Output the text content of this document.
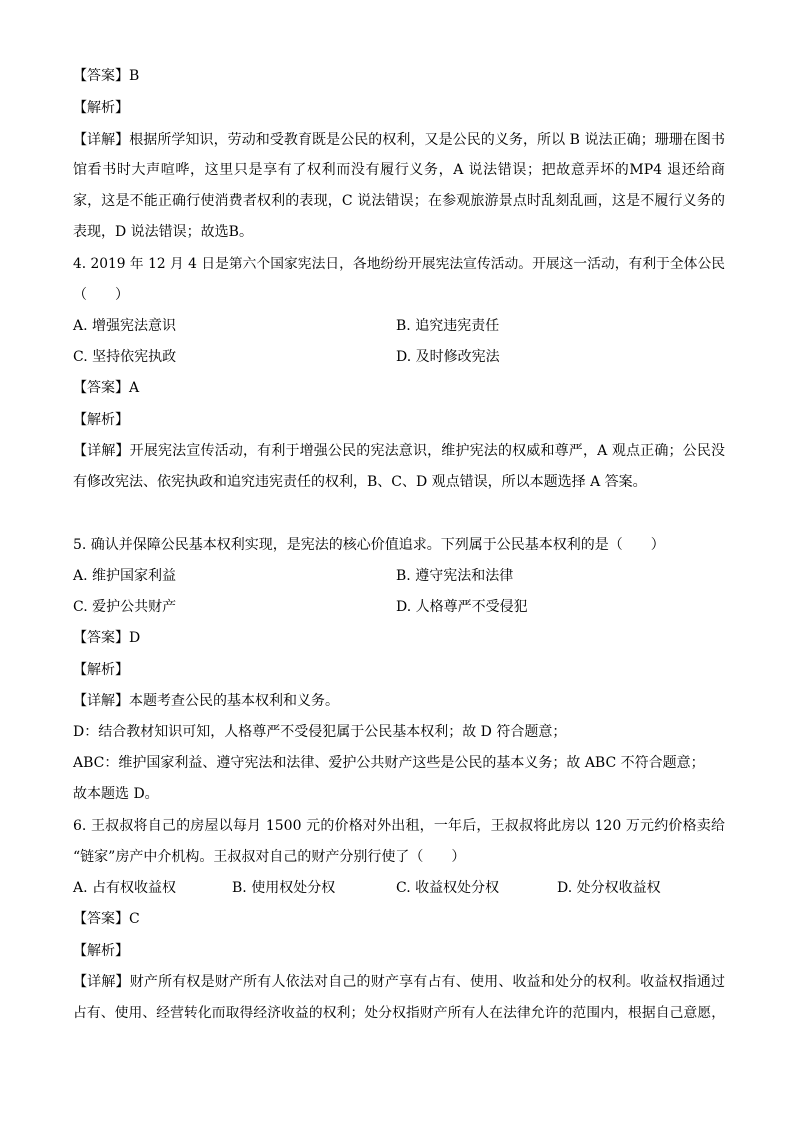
【答案】B
【解析】
【详解】根据所学知识，劳动和受教育既是公民的权利，又是公民的义务，所以 B 说法正确；珊珊在图书
馆看书时大声喧哗，这里只是享有了权利而没有履行义务，A 说法错误；把故意弄坏的MP4 退还给商
家，这是不能正确行使消费者权利的表现，C 说法错误；在参观旅游景点时乱刻乱画，这是不履行义务的
表现，D 说法错误；故选B。
4. 2019 年 12 月 4 日是第六个国家宪法日，各地纷纷开展宪法宣传活动。开展这一活动，有利于全体公民
（　　）
A. 增强宪法意识	B. 追究违宪责任
C. 坚持依宪执政	D. 及时修改宪法
【答案】A
【解析】
【详解】开展宪法宣传活动，有利于增强公民的宪法意识，维护宪法的权威和尊严，A 观点正确；公民没
有修改宪法、依宪执政和追究违宪责任的权利，B、C、D 观点错误，所以本题选择 A 答案。
5. 确认并保障公民基本权利实现，是宪法的核心价值追求。下列属于公民基本权利的是（　　）
A. 维护国家利益	B. 遵守宪法和法律
C. 爱护公共财产	D. 人格尊严不受侵犯
【答案】D
【解析】
【详解】本题考查公民的基本权利和义务。
D：结合教材知识可知，人格尊严不受侵犯属于公民基本权利；故 D 符合题意；
ABC：维护国家利益、遵守宪法和法律、爱护公共财产这些是公民的基本义务；故 ABC 不符合题意；
故本题选 D。
6. 王叔叔将自己的房屋以每月 1500 元的价格对外出租，一年后，王叔叔将此房以 120 万元约价格卖给
“链家”房产中介机构。王叔叔对自己的财产分别行使了（　　）
A. 占有权收益权	B. 使用权处分权	C. 收益权处分权	D. 处分权收益权
【答案】C
【解析】
【详解】财产所有权是财产所有人依法对自己的财产享有占有、使用、收益和处分的权利。收益权指通过
占有、使用、经营转化而取得经济收益的权利；处分权指财产所有人在法律允许的范围内，根据自己意愿，
